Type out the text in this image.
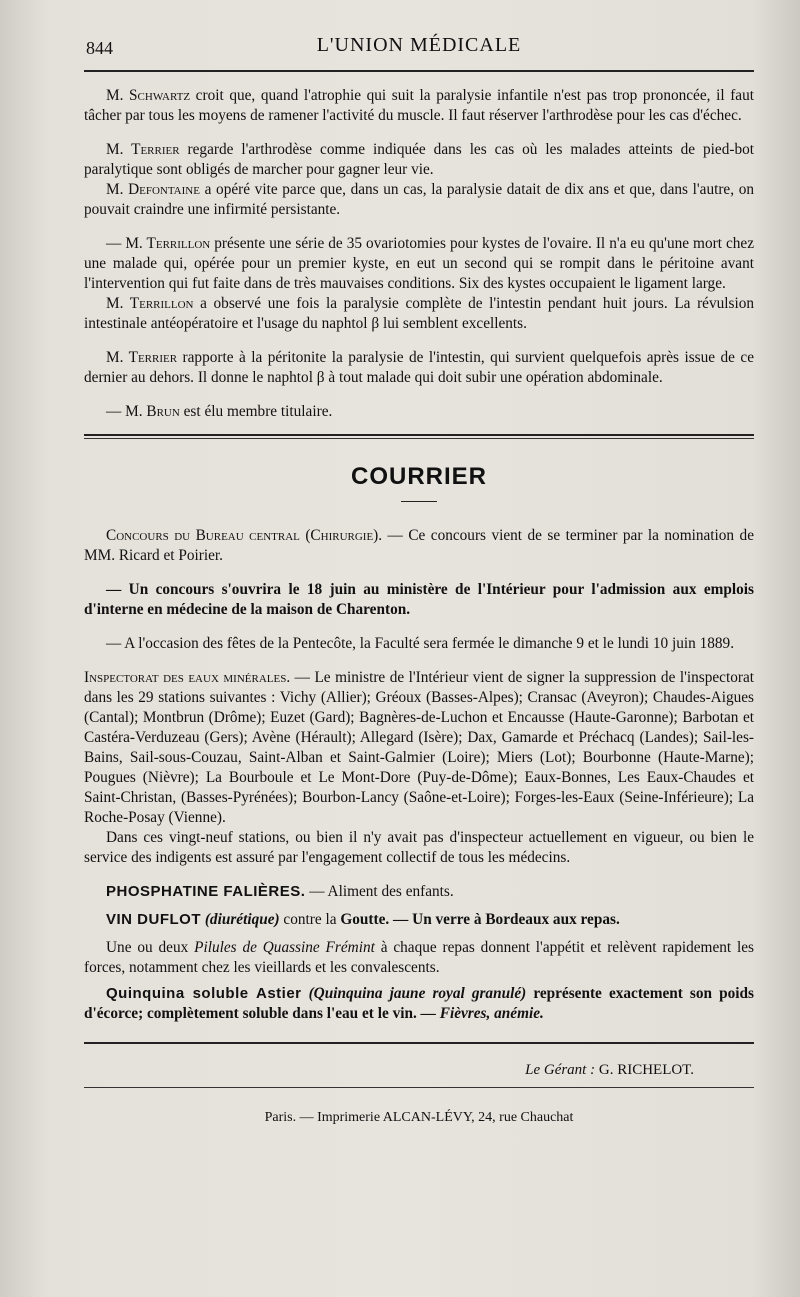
844	L'UNION MÉDICALE

M. Schwartz croit que, quand l'atrophie qui suit la paralysie infantile n'est pas trop prononcée, il faut tâcher par tous les moyens de ramener l'activité du muscle. Il faut réserver l'arthrodèse pour les cas d'échec.

M. Terrier regarde l'arthrodèse comme indiquée dans les cas où les malades atteints de pied-bot paralytique sont obligés de marcher pour gagner leur vie.

M. Defontaine a opéré vite parce que, dans un cas, la paralysie datait de dix ans et que, dans l'autre, on pouvait craindre une infirmité persistante.

— M. Terrillon présente une série de 35 ovariotomies pour kystes de l'ovaire. Il n'a eu qu'une mort chez une malade qui, opérée pour un premier kyste, en eut un second qui se rompit dans le péritoine avant l'intervention qui fut faite dans de très mauvaises conditions. Six des kystes occupaient le ligament large.

M. Terrillon a observé une fois la paralysie complète de l'intestin pendant huit jours. La révulsion intestinale antéopératoire et l'usage du naphtol β lui semblent excellents.

M. Terrier rapporte à la péritonite la paralysie de l'intestin, qui survient quelquefois après issue de ce dernier au dehors. Il donne le naphtol β à tout malade qui doit subir une opération abdominale.

— M. Brun est élu membre titulaire.

COURRIER

Concours du Bureau central (Chirurgie). — Ce concours vient de se terminer par la nomination de MM. Ricard et Poirier.

— Un concours s'ouvrira le 18 juin au ministère de l'Intérieur pour l'admission aux emplois d'interne en médecine de la maison de Charenton.

— A l'occasion des fêtes de la Pentecôte, la Faculté sera fermée le dimanche 9 et le lundi 10 juin 1889.

Inspectorat des eaux minérales. — Le ministre de l'Intérieur vient de signer la suppression de l'inspectorat dans les 29 stations suivantes : Vichy (Allier); Gréoux (Basses-Alpes); Cransac (Aveyron); Chaudes-Aigues (Cantal); Montbrun (Drôme); Euzet (Gard); Bagnères-de-Luchon et Encausse (Haute-Garonne); Barbotan et Castéra-Verduzeau (Gers); Avène (Hérault); Allegard (Isère); Dax, Gamarde et Préchacq (Landes); Sail-les-Bains, Sail-sous-Couzau, Saint-Alban et Saint-Galmier (Loire); Miers (Lot); Bourbonne (Haute-Marne); Pougues (Nièvre); La Bourboule et Le Mont-Dore (Puy-de-Dôme); Eaux-Bonnes, Les Eaux-Chaudes et Saint-Christan, (Basses-Pyrénées); Bourbon-Lancy (Saône-et-Loire); Forges-les-Eaux (Seine-Inférieure); La Roche-Posay (Vienne).

Dans ces vingt-neuf stations, ou bien il n'y avait pas d'inspecteur actuellement en vigueur, ou bien le service des indigents est assuré par l'engagement collectif de tous les médecins.

PHOSPHATINE FALIÈRES. — Aliment des enfants.

VIN DUFLOT (diurétique) contre la Goutte. — Un verre à Bordeaux aux repas.

Une ou deux Pilules de Quassine Frémint à chaque repas donnent l'appétit et relèvent rapidement les forces, notamment chez les vieillards et les convalescents.

Quinquina soluble Astier (Quinquina jaune royal granulé) représente exactement son poids d'écorce; complètement soluble dans l'eau et le vin. — Fièvres, anémie.

Le Gérant : G. RICHELOT.
Paris. — Imprimerie ALCAN-LÉVY, 24, rue Chauchat
